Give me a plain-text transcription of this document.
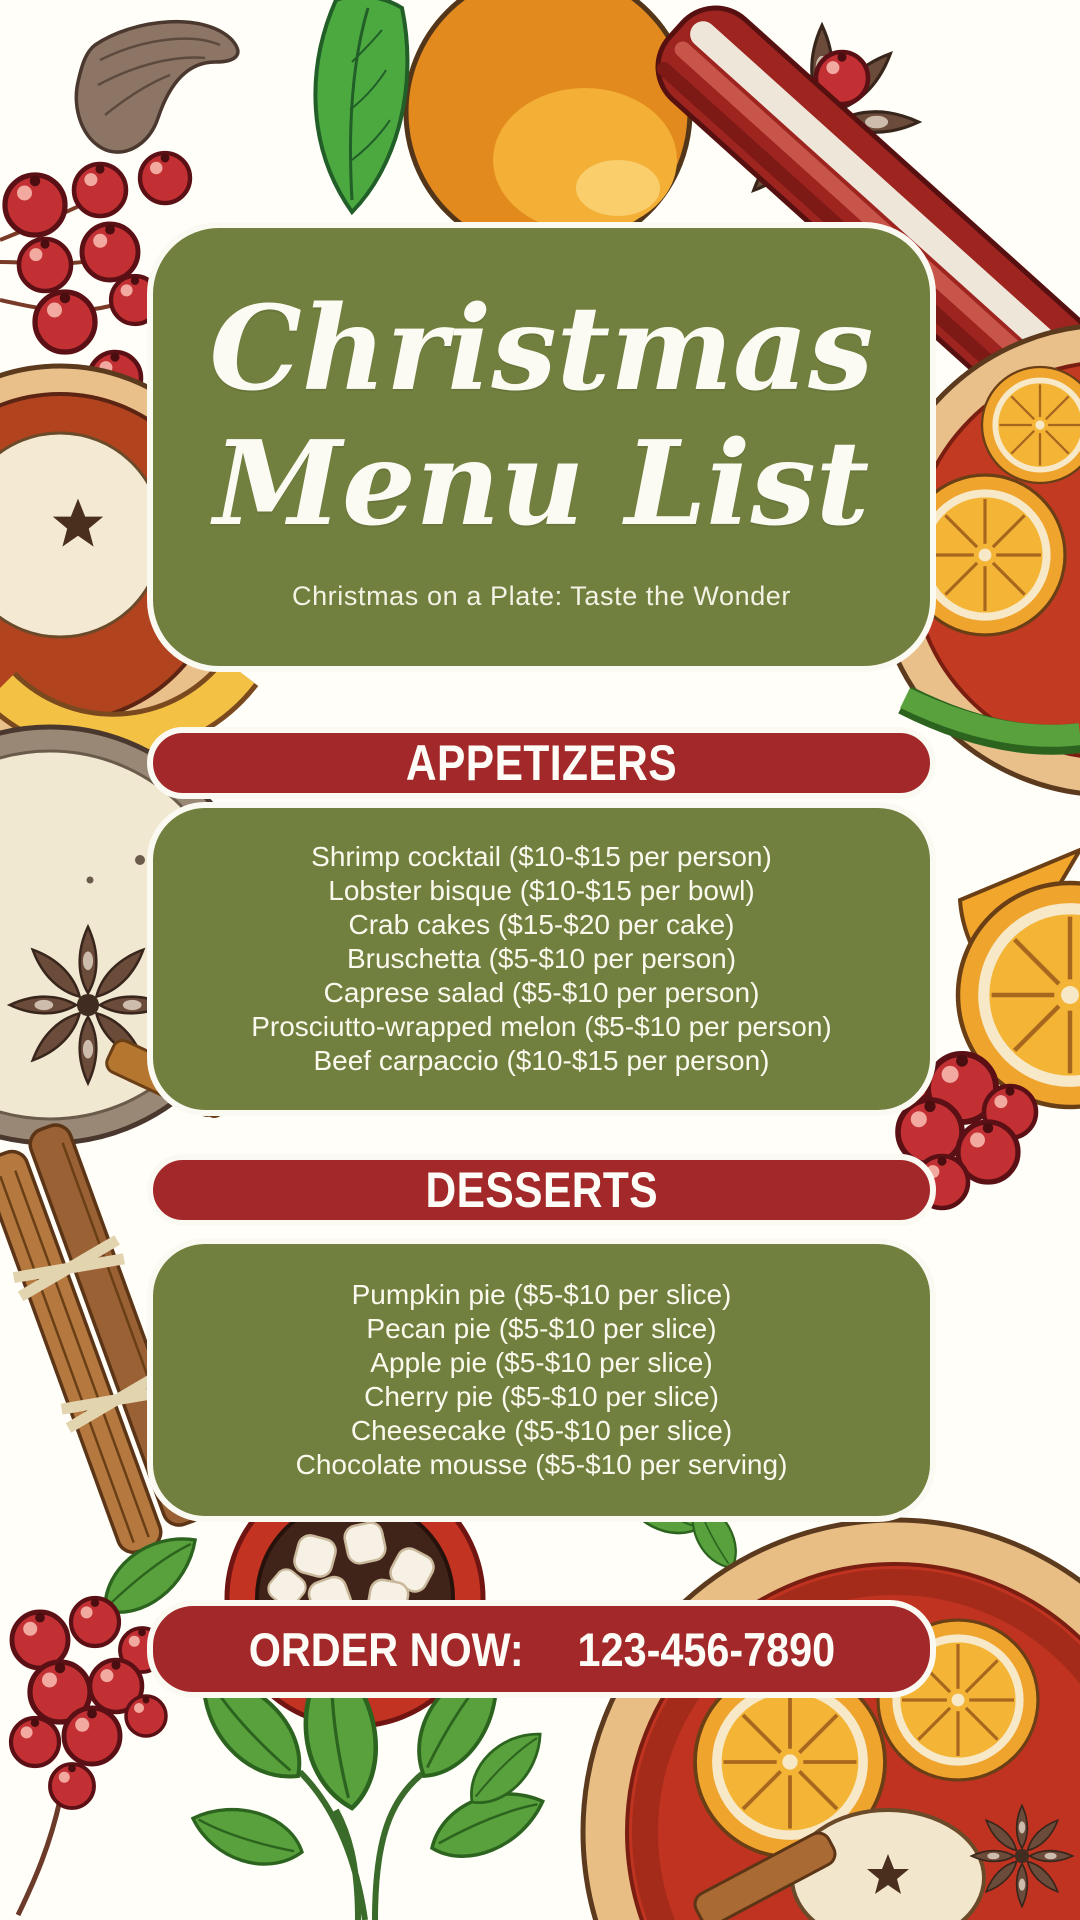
Christmas
Menu List
Christmas on a Plate: Taste the Wonder
APPETIZERS
Shrimp cocktail ($10-$15 per person)
Lobster bisque ($10-$15 per bowl)
Crab cakes ($15-$20 per cake)
Bruschetta ($5-$10 per person)
Caprese salad ($5-$10 per person)
Prosciutto-wrapped melon ($5-$10 per person)
Beef carpaccio ($10-$15 per person)
DESSERTS
Pumpkin pie ($5-$10 per slice)
Pecan pie ($5-$10 per slice)
Apple pie ($5-$10 per slice)
Cherry pie ($5-$10 per slice)
Cheesecake ($5-$10 per slice)
Chocolate mousse ($5-$10 per serving)
ORDER NOW: 123-456-7890
